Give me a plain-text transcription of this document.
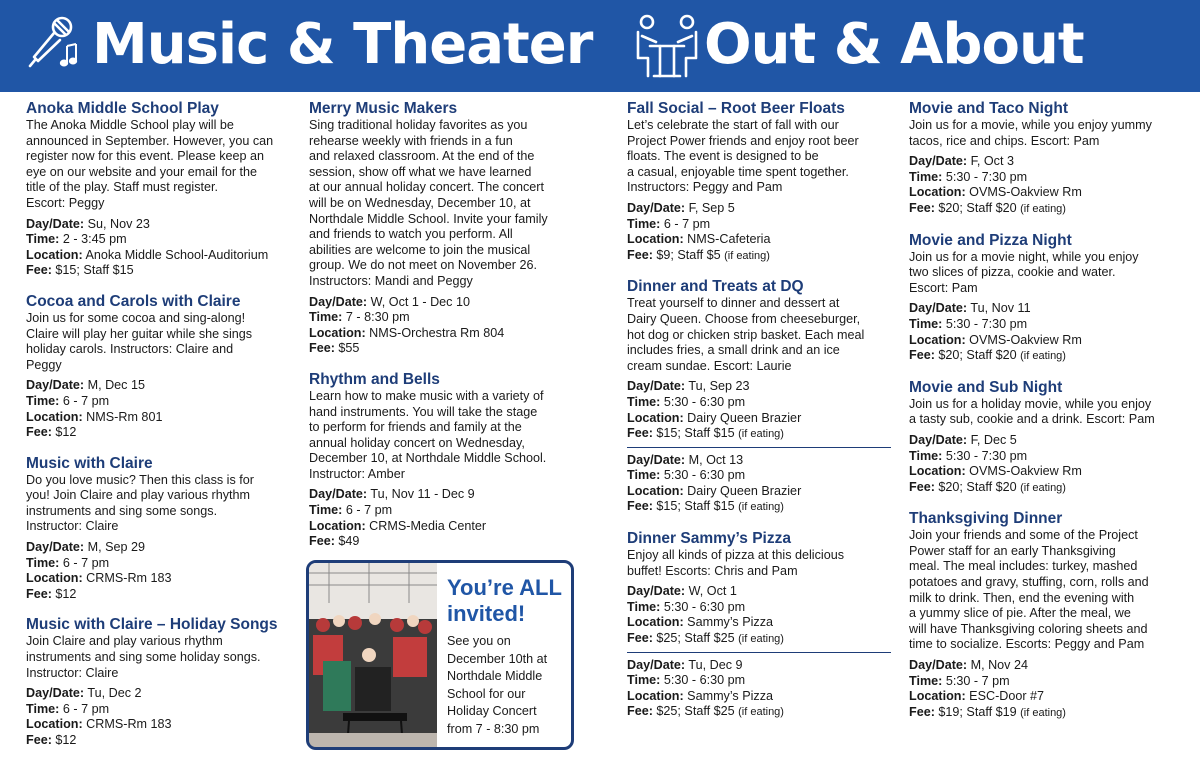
Music & Theater Out & About
Anoka Middle School Play
The Anoka Middle School play will be
announced in September. However, you can
register now for this event. Please keep an
eye on our website and your email for the
title of the play. Staff must register.
Escort: Peggy
Day/Date: Su, Nov 23
Time: 2 - 3:45 pm
Location: Anoka Middle School-Auditorium
Fee: $15; Staff $15
Cocoa and Carols with Claire
Join us for some cocoa and sing-along!
Claire will play her guitar while she sings
holiday carols. Instructors: Claire and
Peggy
Day/Date: M, Dec 15
Time: 6 - 7 pm
Location: NMS-Rm 801
Fee: $12
Music with Claire
Do you love music? Then this class is for
you! Join Claire and play various rhythm
instruments and sing some songs.
Instructor: Claire
Day/Date: M, Sep 29
Time: 6 - 7 pm
Location: CRMS-Rm 183
Fee: $12
Music with Claire – Holiday Songs
Join Claire and play various rhythm
instruments and sing some holiday songs.
Instructor: Claire
Day/Date: Tu, Dec 2
Time: 6 - 7 pm
Location: CRMS-Rm 183
Fee: $12
Merry Music Makers
Sing traditional holiday favorites as you
rehearse weekly with friends in a fun
and relaxed classroom. At the end of the
session, show off what we have learned
at our annual holiday concert. The concert
will be on Wednesday, December 10, at
Northdale Middle School. Invite your family
and friends to watch you perform. All
abilities are welcome to join the musical
group. We do not meet on November 26.
Instructors: Mandi and Peggy
Day/Date: W, Oct 1 - Dec 10
Time: 7 - 8:30 pm
Location: NMS-Orchestra Rm 804
Fee: $55
Rhythm and Bells
Learn how to make music with a variety of
hand instruments. You will take the stage
to perform for friends and family at the
annual holiday concert on Wednesday,
December 10, at Northdale Middle School.
Instructor: Amber
Day/Date: Tu, Nov 11 - Dec 9
Time: 6 - 7 pm
Location: CRMS-Media Center
Fee: $49
Fall Social – Root Beer Floats
Let’s celebrate the start of fall with our
Project Power friends and enjoy root beer
floats. The event is designed to be
a casual, enjoyable time spent together.
Instructors: Peggy and Pam
Day/Date: F, Sep 5
Time: 6 - 7 pm
Location: NMS-Cafeteria
Fee: $9; Staff $5 (if eating)
Dinner and Treats at DQ
Treat yourself to dinner and dessert at
Dairy Queen. Choose from cheeseburger,
hot dog or chicken strip basket. Each meal
includes fries, a small drink and an ice
cream sundae. Escort: Laurie
Day/Date: Tu, Sep 23
Time: 5:30 - 6:30 pm
Location: Dairy Queen Brazier
Fee: $15; Staff $15 (if eating)
Day/Date: M, Oct 13
Time: 5:30 - 6:30 pm
Location: Dairy Queen Brazier
Fee: $15; Staff $15 (if eating)
Dinner Sammy’s Pizza
Enjoy all kinds of pizza at this delicious
buffet! Escorts: Chris and Pam
Day/Date: W, Oct 1
Time: 5:30 - 6:30 pm
Location: Sammy’s Pizza
Fee: $25; Staff $25 (if eating)
Day/Date: Tu, Dec 9
Time: 5:30 - 6:30 pm
Location: Sammy’s Pizza
Fee: $25; Staff $25 (if eating)
Movie and Taco Night
Join us for a movie, while you enjoy yummy
tacos, rice and chips. Escort: Pam
Day/Date: F, Oct 3
Time: 5:30 - 7:30 pm
Location: OVMS-Oakview Rm
Fee: $20; Staff $20 (if eating)
Movie and Pizza Night
Join us for a movie night, while you enjoy
two slices of pizza, cookie and water.
Escort: Pam
Day/Date: Tu, Nov 11
Time: 5:30 - 7:30 pm
Location: OVMS-Oakview Rm
Fee: $20; Staff $20 (if eating)
Movie and Sub Night
Join us for a holiday movie, while you enjoy
a tasty sub, cookie and a drink. Escort: Pam
Day/Date: F, Dec 5
Time: 5:30 - 7:30 pm
Location: OVMS-Oakview Rm
Fee: $20; Staff $20 (if eating)
Thanksgiving Dinner
Join your friends and some of the Project
Power staff for an early Thanksgiving
meal. The meal includes: turkey, mashed
potatoes and gravy, stuffing, corn, rolls and
milk to drink. Then, end the evening with
a yummy slice of pie. After the meal, we
will have Thanksgiving coloring sheets and
time to socialize. Escorts: Peggy and Pam
Day/Date: M, Nov 24
Time: 5:30 - 7 pm
Location: ESC-Door #7
Fee: $19; Staff $19 (if eating)
You’re ALL
invited!
See you on
December 10th at
Northdale Middle
School for our
Holiday Concert
from 7 - 8:30 pm
